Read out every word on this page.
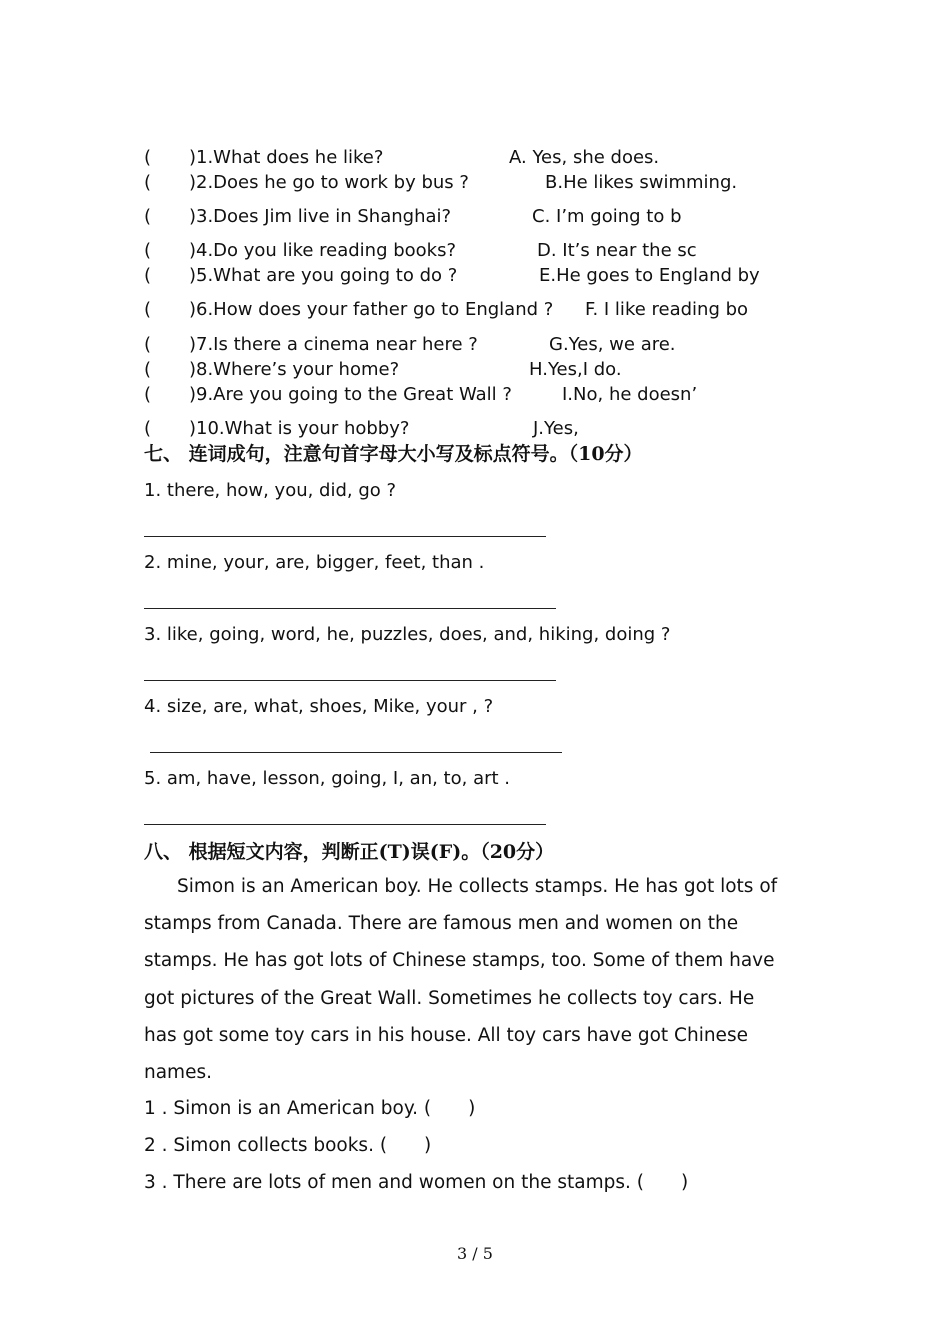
( ) 1.What does he like?	A. Yes, she does.
( ) 2.Does he go to work by bus ?	B.He likes swimming.
( ) 3.Does Jim live in Shanghai?	C. I’m going to b
( ) 4.Do you like reading books?	D. It’s near the sc
( ) 5.What are you going to do ?	E.He goes to England by
( ) 6.How does your father go to England ? F. I like reading bo
( ) 7.Is there a cinema near here ?	G.Yes, we are.
( ) 8.Where’s your home?	H.Yes,I do.
( ) 9.Are you going to the Great Wall ?	I.No, he doesn’
( ) 10.What is your hobby?	J.Yes,
七、 连词成句，注意句首字母大小写及标点符号。（10分）
1. there, how, you, did, go ?
2. mine, your, are, bigger, feet, than .
3. like, going, word, he, puzzles, does, and, hiking, doing ?
4. size, are, what, shoes, Mike, your , ?
5. am, have, lesson, going, I, an, to, art .
八、 根据短文内容，判断正(T)误(F)。（20分）
Simon is an American boy. He collects stamps. He has got lots of
stamps from Canada. There are famous men and women on the
stamps. He has got lots of Chinese stamps, too. Some of them have
got pictures of the Great Wall. Sometimes he collects toy cars. He
has got some toy cars in his house. All toy cars have got Chinese
names.
1 . Simon is an American boy. (　　)
2 . Simon collects books. (　　)
3 . There are lots of men and women on the stamps. (　　)
3 / 5
